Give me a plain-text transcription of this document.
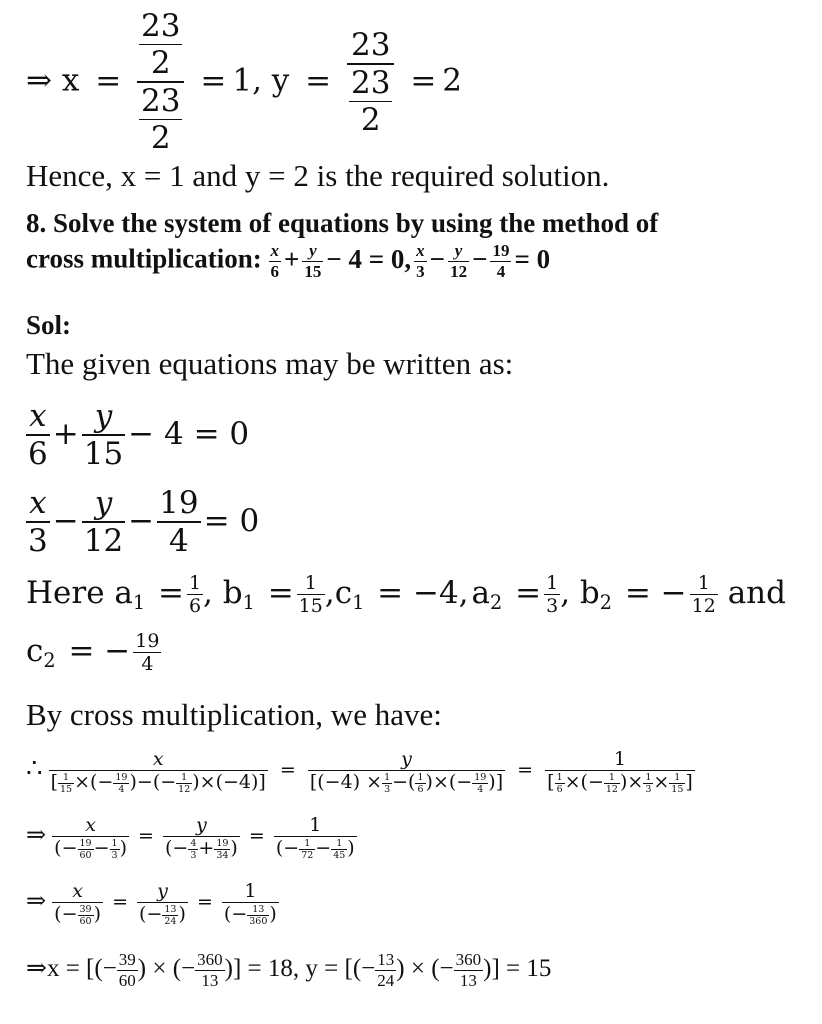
⇒ $x = \frac{\frac{23}{2}}{\frac{23}{2}} = 1$, $y = \frac{23}{\frac{23}{2}} = 2$
Hence, x = 1 and y = 2 is the required solution.
8. Solve the system of equations by using the method of
cross multiplication: $\frac{x}{6} + \frac{y}{15} - 4 = 0$, $\frac{x}{3} - \frac{y}{12} - \frac{19}{4} = 0$
Sol:
The given equations may be written as:
$\frac{x}{6} + \frac{y}{15} - 4 = 0$
$\frac{x}{3} - \frac{y}{12} - \frac{19}{4} = 0$
Here $a_1 = \frac{1}{6}$ , $b_1 = \frac{1}{15} ,c_1 = -4,a_2 = \frac{1}{3}$ , $b_2$ = − $\frac{1}{12}$ and
$c_2$ = − $\frac{19}{4}$
By cross multiplication, we have:
∴ $\frac{x}{[ \frac{1}{15} \times(- \frac{19}{4} )-(- \frac{1}{12} )\times(-4)]} = \frac{y}{[(-4) \times \frac{1}{3} -( \frac{1}{6} )\times(- \frac{19}{4} )]} = \frac{1}{[ \frac{1}{6} \times(- \frac{1}{12} )\times \frac{1}{3} \times \frac{1}{15} ]}$
⇒ $\frac{x}{(- \frac{19}{60} - \frac{1}{3} )} = \frac{y}{(- \frac{4}{3} + \frac{19}{34} )} = \frac{1}{(- \frac{1}{72} - \frac{1}{45} )}$
⇒ $\frac{x}{(- \frac{39}{60} )} = \frac{y}{(- \frac{13}{24} )} = \frac{1}{(- \frac{13}{360} )}$
⇒x = [(− $\frac{39}{60}$ ) × (− $\frac{360}{13}$ )] = 18, y = [(− $\frac{13}{24}$ ) × (− $\frac{360}{13}$ )] = 15
